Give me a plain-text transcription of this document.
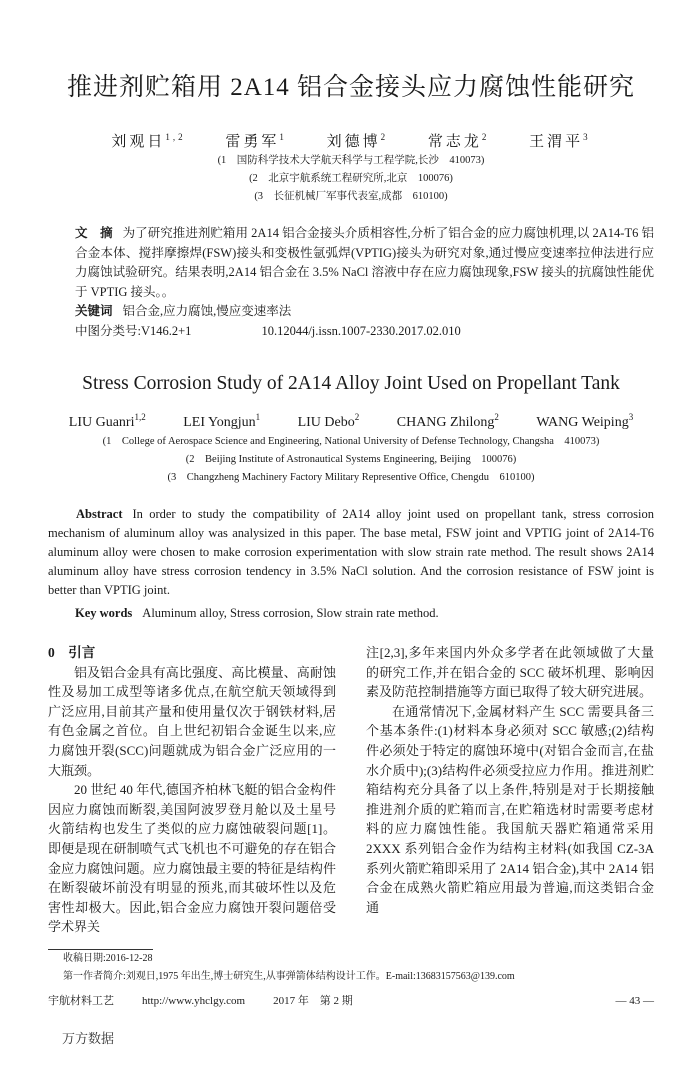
推进剂贮箱用 2A14 铝合金接头应力腐蚀性能研究
刘观日$^{1,2}$	雷勇军$^1$	刘德博$^2$	常志龙$^2$	王渭平$^3$
(1　国防科学技术大学航天科学与工程学院,长沙　410073)
(2　北京宇航系统工程研究所,北京　100076)
(3　长征机械厂军事代表室,成都　610100)
文　摘 为了研究推进剂贮箱用 2A14 铝合金接头介质相容性,分析了铝合金的应力腐蚀机理,以 2A14-T6 铝合金本体、搅拌摩擦焊(FSW)接头和变极性氩弧焊(VPTIG)接头为研究对象,通过慢应变速率拉伸法进行应力腐蚀试验研究。结果表明,2A14 铝合金在 3.5% NaCl 溶液中存在应力腐蚀现象,FSW 接头的抗腐蚀性能优于 VPTIG 接头。。
关键词 铝合金,应力腐蚀,慢应变速率法
中图分类号:V146.2+1	10.12044/j.issn.1007-2330.2017.02.010
Stress Corrosion Study of 2A14 Alloy Joint Used on Propellant Tank
LIU Guanri$^{1,2}$	LEI Yongjun$^1$	LIU Debo$^2$	CHANG Zhilong$^2$	WANG Weiping$^3$
(1　College of Aerospace Science and Engineering, National University of Defense Technology, Changsha　410073)
(2　Beijing Institute of Astronautical Systems Engineering, Beijing　100076)
(3　Changzheng Machinery Factory Military Representive Office, Chengdu　610100)
Abstract In order to study the compatibility of 2A14 alloy joint used on propellant tank, stress corrosion mechanism of aluminum alloy was analysized in this paper. The base metal, FSW joint and VPTIG joint of 2A14-T6 aluminum alloy were chosen to make corrosion experimentation with slow strain rate method. The result shows 2A14 aluminum alloy have stress corrosion tendency in 3.5% NaCl solution. And the corrosion resistance of FSW joint is better than VPTIG joint.
Key words Aluminum alloy, Stress corrosion, Slow strain rate method.

0　引言

铝及铝合金具有高比强度、高比模量、高耐蚀性及易加工成型等诸多优点,在航空航天领域得到广泛应用,目前其产量和使用量仅次于钢铁材料,居有色金属之首位。自上世纪初铝合金诞生以来,应力腐蚀开裂(SCC)问题就成为铝合金广泛应用的一大瓶颈。

20 世纪 40 年代,德国齐柏林飞艇的铝合金构件因应力腐蚀而断裂,美国阿波罗登月舱以及土星号火箭结构也发生了类似的应力腐蚀破裂问题[1]。即便是现在研制喷气式飞机也不可避免的存在铝合金应力腐蚀问题。应力腐蚀最主要的特征是结构件在断裂破坏前没有明显的预兆,而其破坏性以及危害性却极大。因此,铝合金应力腐蚀开裂问题倍受学术界关

注[2,3],多年来国内外众多学者在此领域做了大量的研究工作,并在铝合金的 SCC 破坏机理、影响因素及防范控制措施等方面已取得了较大研究进展。

在通常情况下,金属材料产生 SCC 需要具备三个基本条件:(1)材料本身必须对 SCC 敏感;(2)结构件必须处于特定的腐蚀环境中(对铝合金而言,在盐水介质中);(3)结构件必须受拉应力作用。推进剂贮箱结构充分具备了以上条件,特别是对于长期接触推进剂介质的贮箱而言,在贮箱选材时需要考虑材料的应力腐蚀性能。我国航天器贮箱通常采用 2XXX 系列铝合金作为结构主材料(如我国 CZ-3A 系列火箭贮箱即采用了 2A14 铝合金),其中 2A14 铝合金在成熟火箭贮箱应用最为普遍,而这类铝合金通

收稿日期:2016-12-28
第一作者简介:刘观日,1975 年出生,博士研究生,从事弹箭体结构设计工作。E-mail:13683157563@139.com
宇航材料工艺	http://www.yhclgy.com	2017 年　第 2 期	— 43 —
万方数据
